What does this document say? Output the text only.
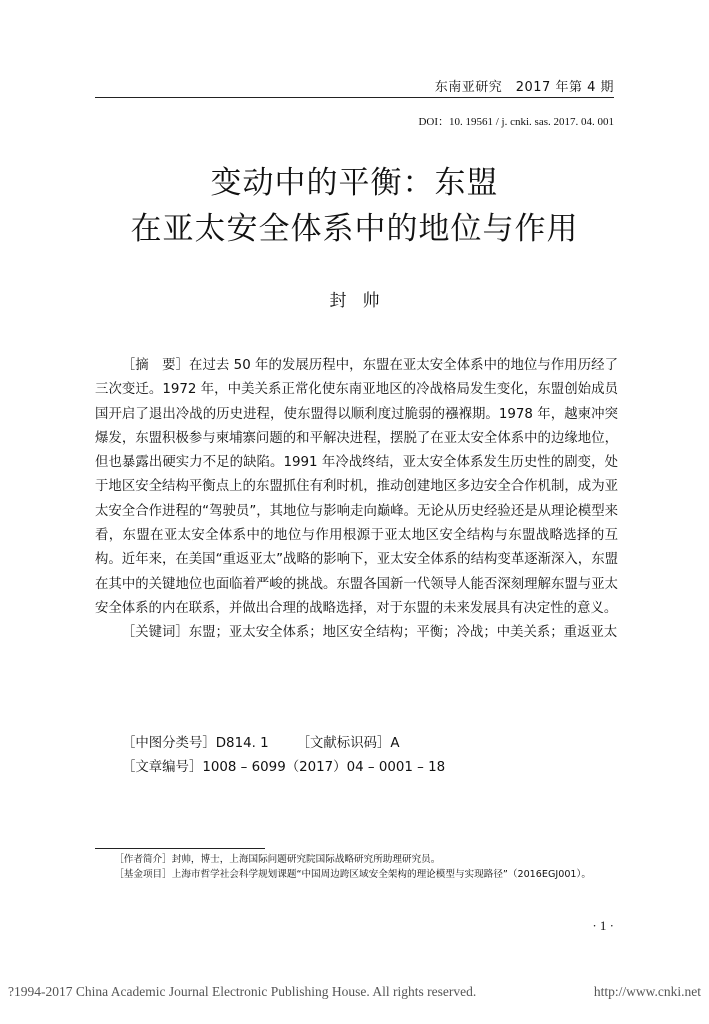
东南亚研究　2017 年第 4 期
DOI：10. 19561 / j. cnki. sas. 2017. 04. 001
变动中的平衡：东盟
在亚太安全体系中的地位与作用
封帅

［摘　要］在过去 50 年的发展历程中，东盟在亚太安全体系中的地位与作用历经了三次变迁。1972 年，中美关系正常化使东南亚地区的冷战格局发生变化，东盟创始成员国开启了退出冷战的历史进程，使东盟得以顺利度过脆弱的襁褓期。1978 年，越柬冲突爆发，东盟积极参与柬埔寨问题的和平解决进程，摆脱了在亚太安全体系中的边缘地位，但也暴露出硬实力不足的缺陷。1991 年冷战终结，亚太安全体系发生历史性的剧变，处于地区安全结构平衡点上的东盟抓住有利时机，推动创建地区多边安全合作机制，成为亚太安全合作进程的“驾驶员”，其地位与影响走向巅峰。无论从历史经验还是从理论模型来看，东盟在亚太安全体系中的地位与作用根源于亚太地区安全结构与东盟战略选择的互构。近年来，在美国“重返亚太”战略的影响下，亚太安全体系的结构变革逐渐深入，东盟在其中的关键地位也面临着严峻的挑战。东盟各国新一代领导人能否深刻理解东盟与亚太安全体系的内在联系，并做出合理的战略选择，对于东盟的未来发展具有决定性的意义。

［关键词］东盟；亚太安全体系；地区安全结构；平衡；冷战；中美关系；重返亚太

［中图分类号］D814. 1 ［文献标识码］A
［文章编号］1008 – 6099（2017）04 – 0001 – 18

［作者简介］封帅，博士，上海国际问题研究院国际战略研究所助理研究员。

［基金项目］上海市哲学社会科学规划课题“中国周边跨区域安全架构的理论模型与实现路径”（2016EGJ001）。

· 1 ·
?1994-2017 China Academic Journal Electronic Publishing House. All rights reserved.	http://www.cnki.net
